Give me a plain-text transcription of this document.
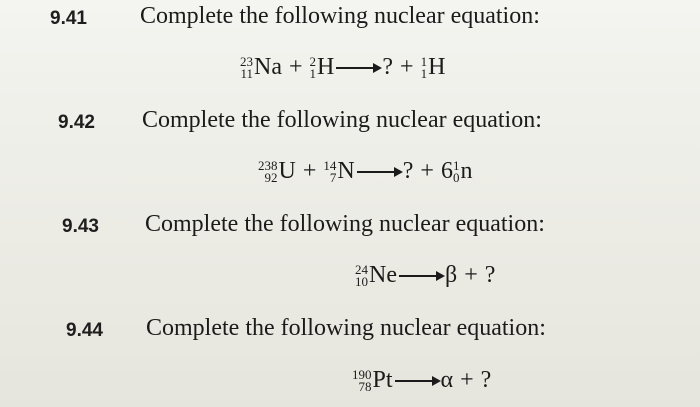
9.41 Complete the following nuclear equation:
23
11 Na + 2
1 H → ? + 1
1 H
9.42 Complete the following nuclear equation:
238
92 U + 14
7 N → ? + 6 1
0 n
9.43 Complete the following nuclear equation:
24
10 Ne → β + ?
9.44 Complete the following nuclear equation:
190
78 Pt → α + ?
